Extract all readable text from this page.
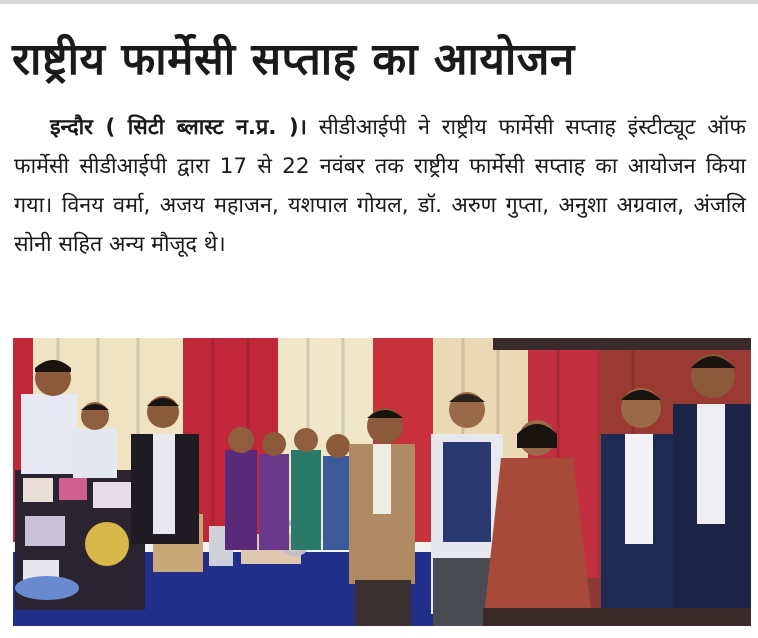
राष्ट्रीय फार्मेसी सप्ताह का आयोजन

इन्दौर ( सिटी ब्लास्ट न.प्र. )। सीडीआईपी ने राष्ट्रीय फार्मेसी सप्ताह इंस्टीट्यूट ऑफ फार्मेसी सीडीआईपी द्वारा 17 से 22 नवंबर तक राष्ट्रीय फार्मेसी सप्ताह का आयोजन किया गया। विनय वर्मा, अजय महाजन, यशपाल गोयल, डॉ. अरुण गुप्ता, अनुशा अग्रवाल, अंजलि सोनी सहित अन्य मौजूद थे।
